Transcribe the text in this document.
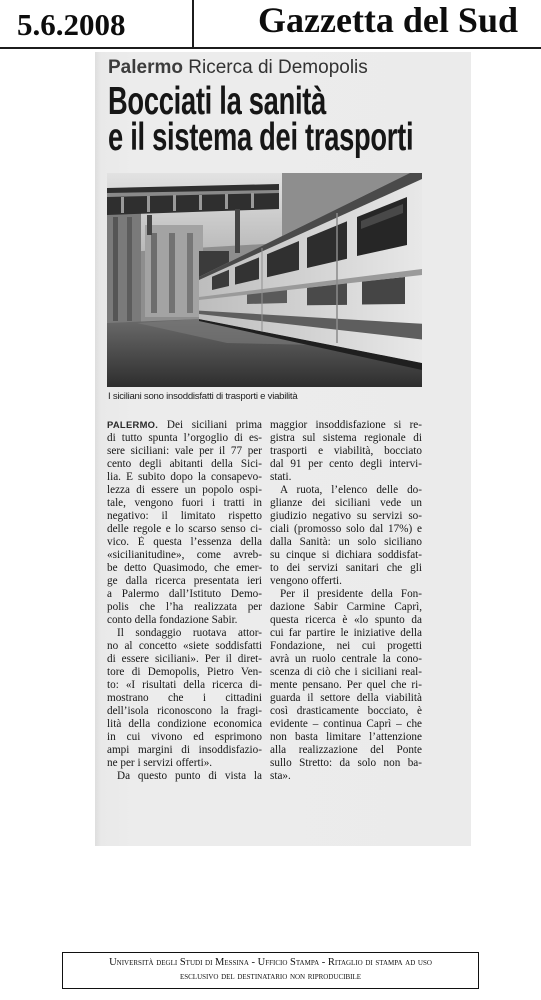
5.6.2008	Gazzetta del Sud
Palermo Ricerca di Demopolis
Bocciati la sanità
e il sistema dei trasporti
I siciliani sono insoddisfatti di trasporti e viabilità
PALERMO. Dei siciliani prima
di tutto spunta l’orgoglio di es-
sere siciliani: vale per il 77 per
cento degli abitanti della Sici-
lia. E subito dopo la consapevo-
lezza di essere un popolo ospi-
tale, vengono fuori i tratti in
negativo: il limitato rispetto
delle regole e lo scarso senso ci-
vico. È questa l’essenza della
«sicilianitudine», come avreb-
be detto Quasimodo, che emer-
ge dalla ricerca presentata ieri
a Palermo dall’Istituto Demo-
polis che l’ha realizzata per
conto della fondazione Sabir.
Il sondaggio ruotava attor-
no al concetto «siete soddisfatti
di essere siciliani». Per il diret-
tore di Demopolis, Pietro Ven-
to: «I risultati della ricerca di-
mostrano che i cittadini
dell’isola riconoscono la fragi-
lità della condizione economica
in cui vivono ed esprimono
ampi margini di insoddisfazio-
ne per i servizi offerti».
Da questo punto di vista la
maggior insoddisfazione si re-
gistra sul sistema regionale di
trasporti e viabilità, bocciato
dal 91 per cento degli intervi-
stati.
A ruota, l’elenco delle do-
glianze dei siciliani vede un
giudizio negativo su servizi so-
ciali (promosso solo dal 17%) e
dalla Sanità: un solo siciliano
su cinque si dichiara soddisfat-
to dei servizi sanitari che gli
vengono offerti.
Per il presidente della Fon-
dazione Sabir Carmine Caprì,
questa ricerca è «lo spunto da
cui far partire le iniziative della
Fondazione, nei cui progetti
avrà un ruolo centrale la cono-
scenza di ciò che i siciliani real-
mente pensano. Per quel che ri-
guarda il settore della viabilità
così drasticamente bocciato, è
evidente – continua Caprì – che
non basta limitare l’attenzione
alla realizzazione del Ponte
sullo Stretto: da solo non ba-
sta».
Università degli Studi di Messina - Ufficio Stampa - Ritaglio di stampa ad uso
esclusivo del destinatario non riproducibile
